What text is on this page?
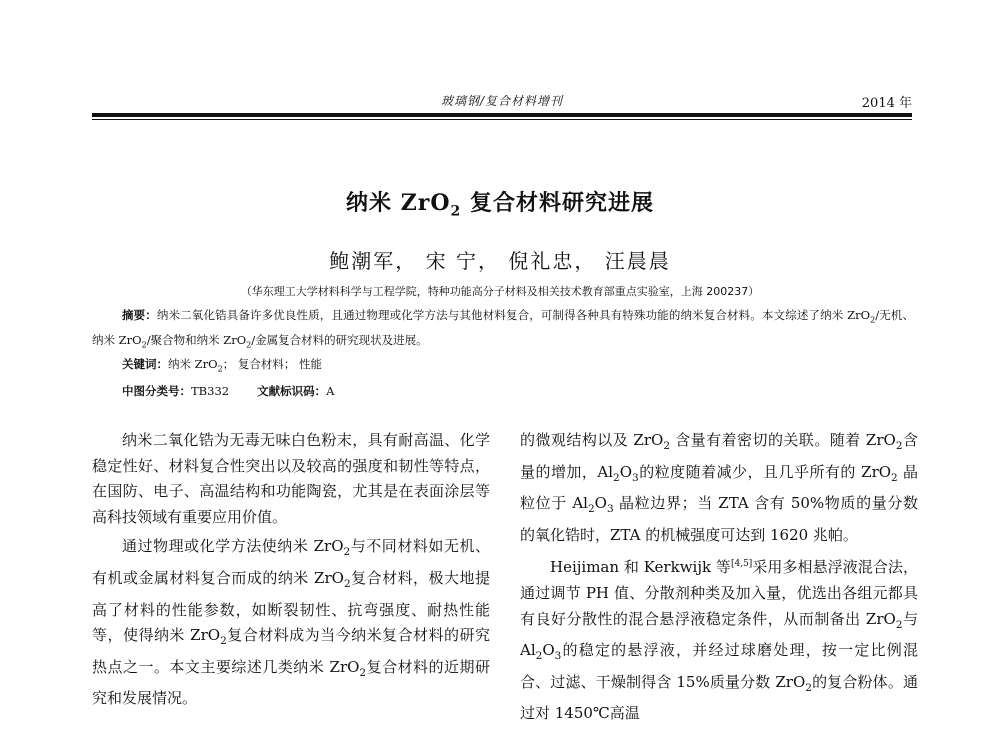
玻璃钢/复合材料增刊	2014 年
纳米 ZrO$_2$ 复合材料研究进展
鲍潮军， 宋 宁， 倪礼忠， 汪晨晨
（华东理工大学材料科学与工程学院，特种功能高分子材料及相关技术教育部重点实验室，上海 200237）
摘要：纳米二氧化锆具备许多优良性质，且通过物理或化学方法与其他材料复合，可制得各种具有特殊功能的纳米复合材料。本文综述了纳米 ZrO$_2$/无机、纳米 ZrO$_2$/聚合物和纳米 ZrO$_2$/金属复合材料的研究现状及进展。
关键词：纳米 ZrO$_2$； 复合材料； 性能
中图分类号：TB332 文献标识码：A

纳米二氧化锆为无毒无味白色粉末，具有耐高温、化学稳定性好、材料复合性突出以及较高的强度和韧性等特点，在国防、电子、高温结构和功能陶瓷，尤其是在表面涂层等高科技领域有重要应用价值。

通过物理或化学方法使纳米 ZrO$_2$与不同材料如无机、有机或金属材料复合而成的纳米 ZrO$_2$复合材料，极大地提高了材料的性能参数，如断裂韧性、抗弯强度、耐热性能等，使得纳米 ZrO$_2$复合材料成为当今纳米复合材料的研究热点之一。本文主要综述几类纳米 ZrO$_2$复合材料的近期研究和发展情况。

的微观结构以及 ZrO$_2$ 含量有着密切的关联。随着 ZrO$_2$含量的增加，$Al_2O_3$的粒度随着减少，且几乎所有的 ZrO$_2$ 晶粒位于 $Al_2O_3$ 晶粒边界；当 ZTA 含有 50%物质的量分数的氧化锆时，ZTA 的机械强度可达到 1620 兆帕。

Heijiman 和 Kerkwijk 等[4,5]采用多相悬浮液混合法，通过调节 PH 值、分散剂种类及加入量，优选出各组元都具有良好分散性的混合悬浮液稳定条件，从而制备出 ZrO$_2$与 $Al_2O_3$的稳定的悬浮液，并经过球磨处理，按一定比例混合、过滤、干燥制得含 15%质量分数 ZrO$_2$的复合粉体。通过对 1450℃高温
